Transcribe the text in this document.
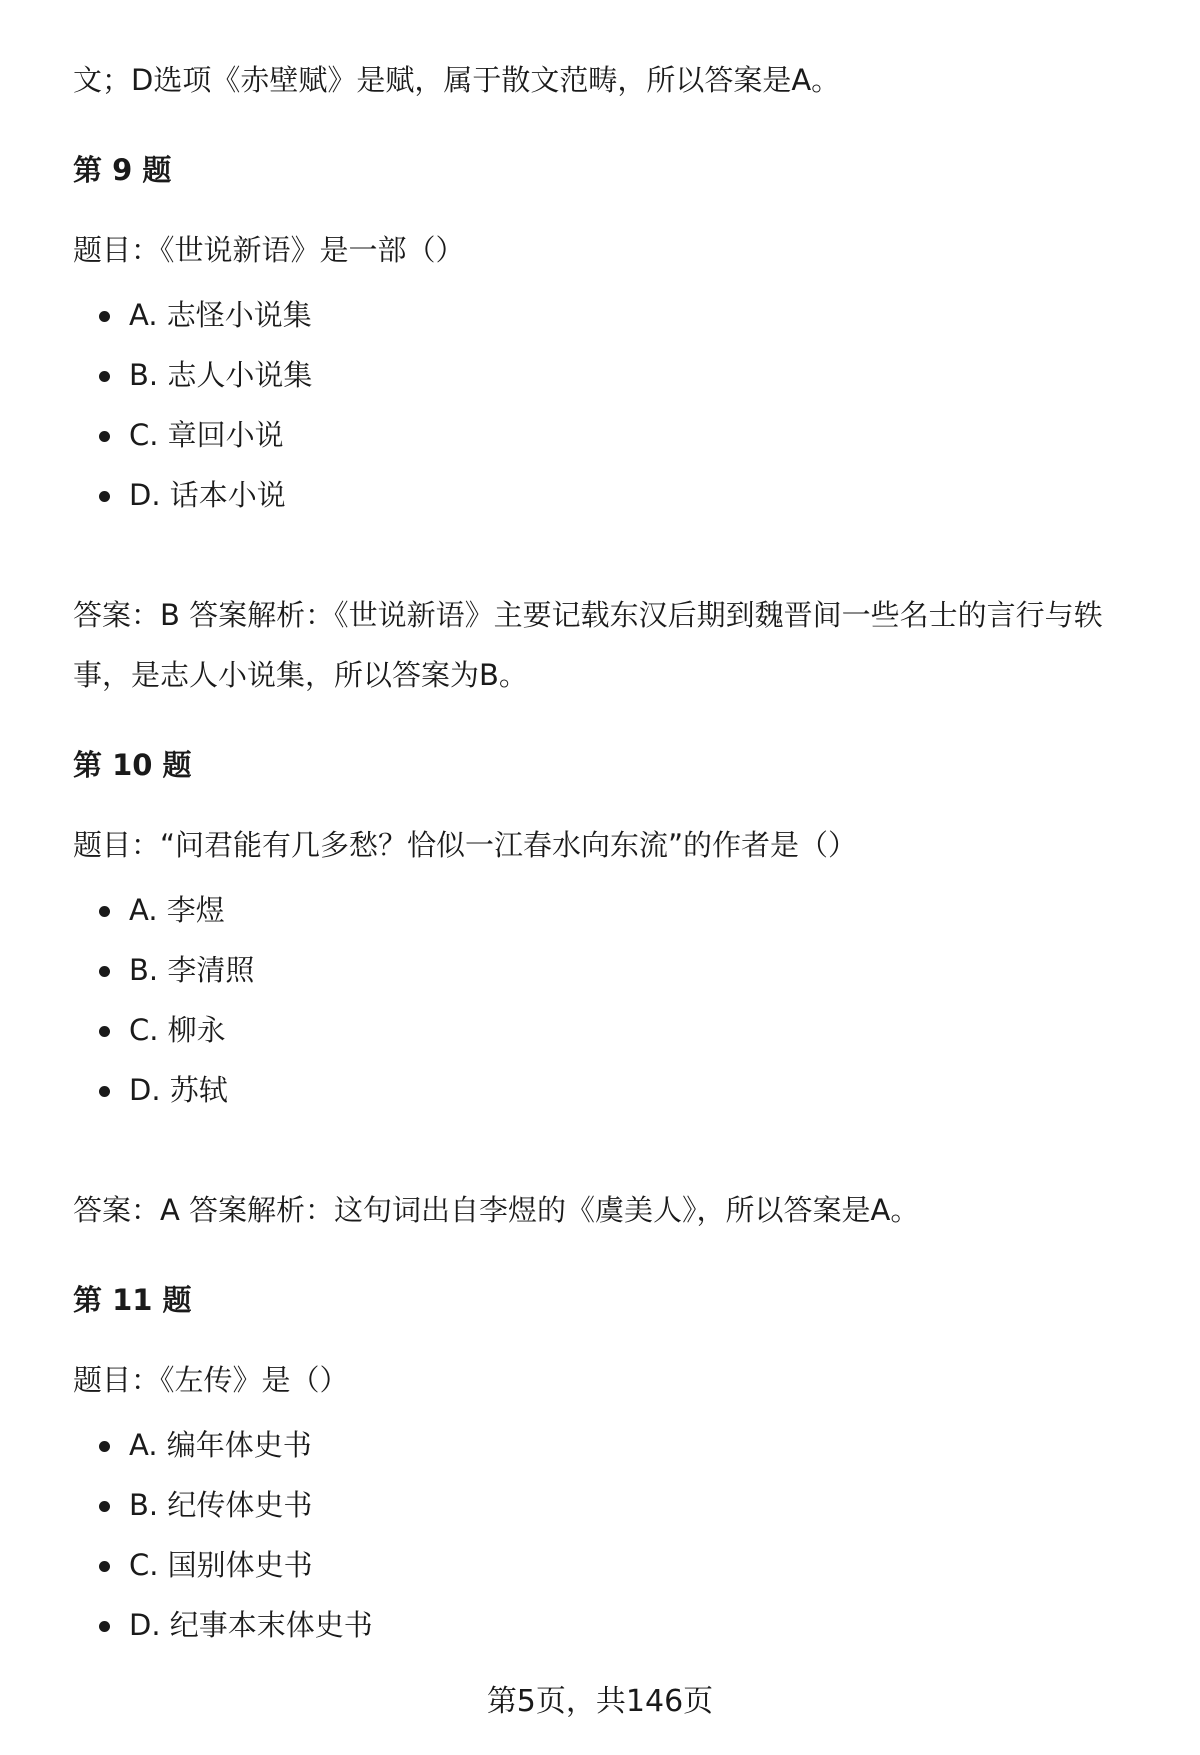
文；D选项《赤壁赋》是赋，属于散文范畴，所以答案是A。

第 9 题

题目：《世说新语》是一部（）

A. 志怪小说集
B. 志人小说集
C. 章回小说
D. 话本小说

答案：B 答案解析：《世说新语》主要记载东汉后期到魏晋间一些名士的言行与轶事，是志人小说集，所以答案为B。

第 10 题

题目：“问君能有几多愁？恰似一江春水向东流”的作者是（）

A. 李煜
B. 李清照
C. 柳永
D. 苏轼

答案：A 答案解析：这句词出自李煜的《虞美人》，所以答案是A。

第 11 题

题目：《左传》是（）

A. 编年体史书
B. 纪传体史书
C. 国别体史书
D. 纪事本末体史书
第5页，共146页
